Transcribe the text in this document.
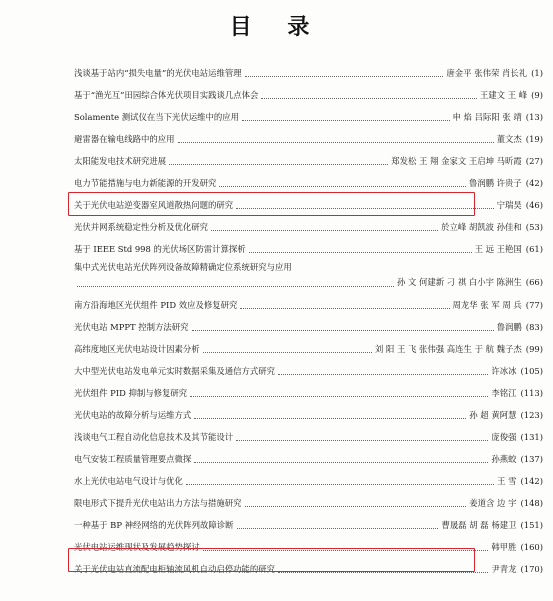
目 录
浅谈基于站内“损失电量”的光伏电站运维管理	唐金平 张伟荣 肖长礼 (1)
基于“渔光互”田园综合体光伏项目实践谈几点体会	王建文 王 峰 (9)
Solamente 测试仪在当下光伏运维中的应用	申 焰 吕际阳 张 靖 (13)
避雷器在输电线路中的应用	董文杰 (19)
太阳能发电技术研究进展	郑发松 王 翔 金家文 王启坤 马昕霞 (27)
电力节能措施与电力新能源的开发研究	鲁润鹏 许贵子 (42)
关于光伏电站逆变器室风道散热问题的研究	宁瑞昊 (46)
光伏并网系统稳定性分析及优化研究	於立峰 胡凯波 孙佳和 (53)
基于 IEEE Std 998 的光伏场区防雷计算探析	王 远 王艳国 (61)
集中式光伏电站光伏阵列设备故障精确定位系统研究与应用
孙 文 何建新 刁 祺 白小宇 陈洲生 (66)
南方沿海地区光伏组件 PID 效应及修复研究	周龙华 张 军 周 兵 (77)
光伏电站 MPPT 控制方法研究	鲁润鹏 (83)
高纬度地区光伏电站设计因素分析	刘 阳 王 飞 张伟强 高连生 于 航 魏子杰 (99)
大中型光伏电站发电单元实时数据采集及通信方式研究	许冰冰 (105)
光伏组件 PID 抑制与修复研究	李铭江 (113)
光伏电站的故障分析与运维方式	孙 超 黄阿慧 (123)
浅谈电气工程自动化信息技术及其节能设计	庞俊强 (131)
电气安装工程质量管理要点微探	孙燕蛟 (137)
水上光伏电站电气设计与优化	王 雪 (142)
限电形式下提升光伏电站出力方法与措施研究	姜道含 边 宇 (148)
一种基于 BP 神经网络的光伏阵列故障诊断	曹晟磊 胡 磊 杨建卫 (151)
光伏电站运维现状及发展趋势探讨	韩甲胜 (160)
关于光伏电站直流配电柜轴流风机自动启停功能的研究	尹青龙 (170)
